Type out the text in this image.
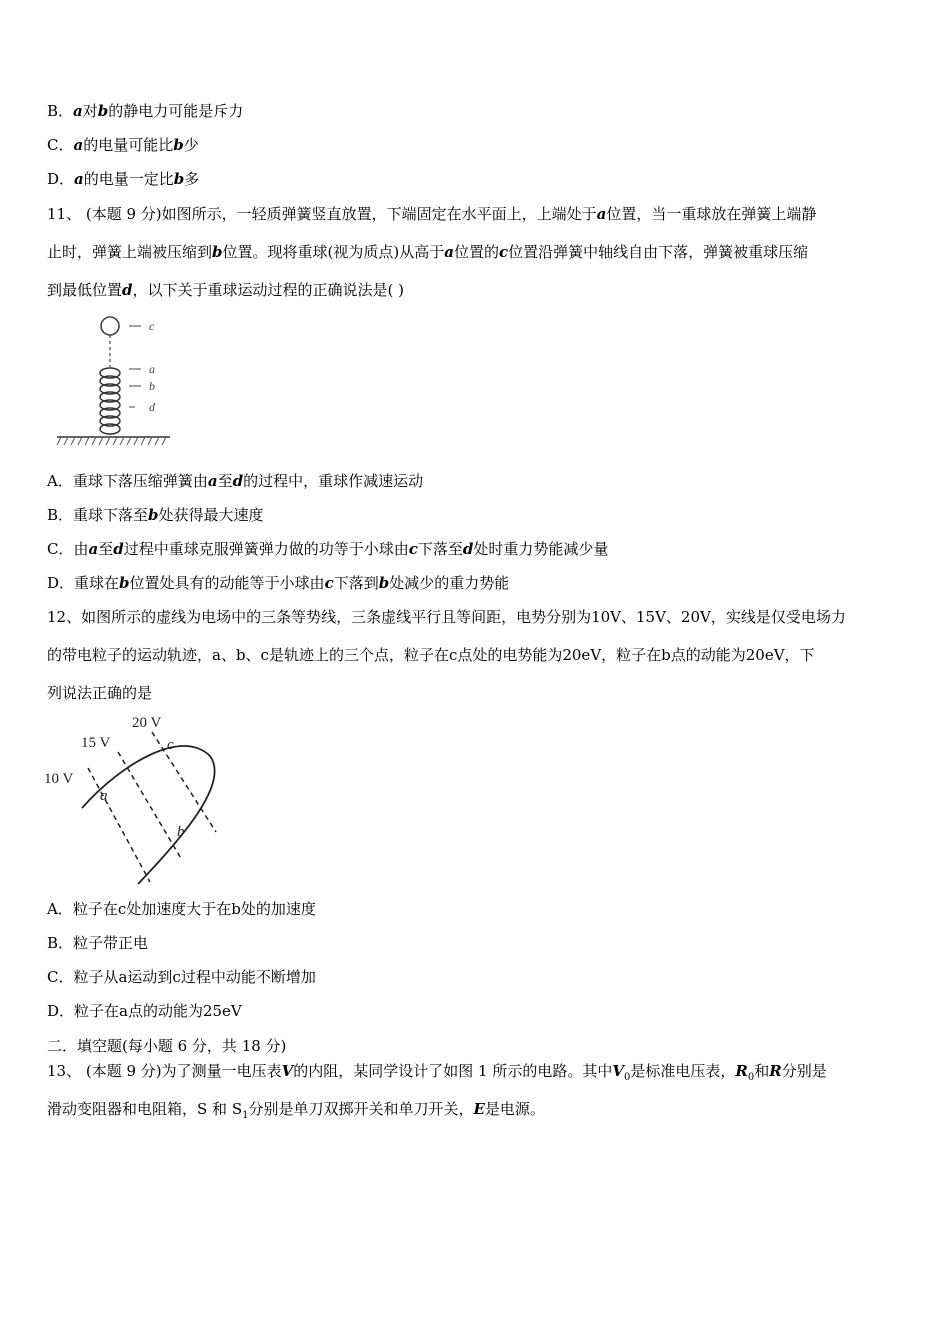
B．a对b的静电力可能是斥力
C．a的电量可能比b少
D．a的电量一定比b多
11、 (本题 9 分)如图所示，一轻质弹簧竖直放置，下端固定在水平面上，上端处于a位置，当一重球放在弹簧上端静
止时，弹簧上端被压缩到b位置。现将重球(视为质点)从高于a位置的c位置沿弹簧中轴线自由下落，弹簧被重球压缩
到最低位置d，以下关于重球运动过程的正确说法是( )
c
a
b
d
A．重球下落压缩弹簧由a至d的过程中，重球作减速运动
B．重球下落至b处获得最大速度
C．由a至d过程中重球克服弹簧弹力做的功等于小球由c下落至d处时重力势能减少量
D．重球在b位置处具有的动能等于小球由c下落到b处减少的重力势能
12、如图所示的虚线为电场中的三条等势线，三条虚线平行且等间距，电势分别为10V、15V、20V，实线是仅受电场力
的带电粒子的运动轨迹，a、b、c是轨迹上的三个点，粒子在c点处的电势能为20eV，粒子在b点的动能为20eV，下
列说法正确的是
20 V
15 V
10 V
a
b
c
A．粒子在c处加速度大于在b处的加速度
B．粒子带正电
C．粒子从a运动到c过程中动能不断增加
D．粒子在a点的动能为25eV
二．填空题(每小题 6 分，共 18 分)
13、 (本题 9 分)为了测量一电压表V的内阻，某同学设计了如图 1 所示的电路。其中$V_0$是标准电压表，$R_0$和R分别是
滑动变阻器和电阻箱，S 和 $S_1$分别是单刀双掷开关和单刀开关，E是电源。
